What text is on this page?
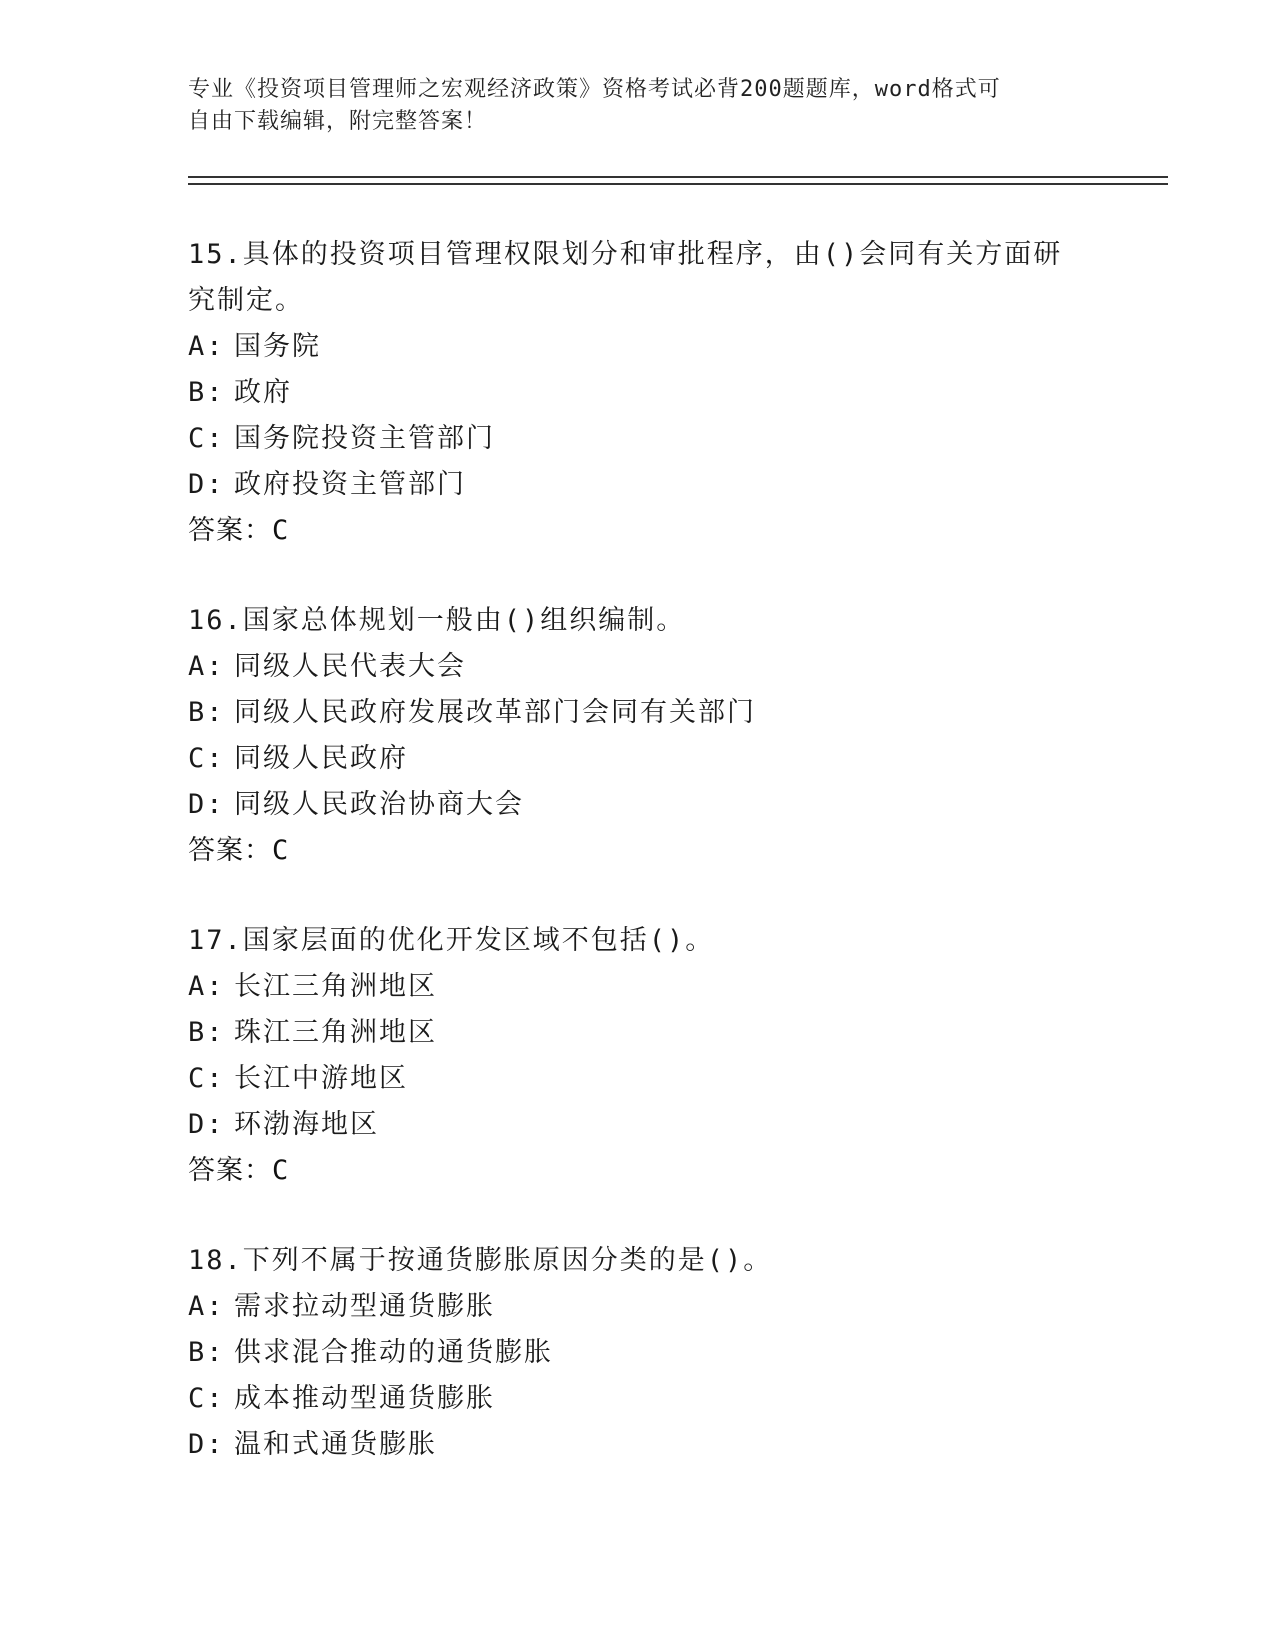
专业《投资项目管理师之宏观经济政策》资格考试必背200题题库，word格式可
自由下载编辑，附完整答案！
15.具体的投资项目管理权限划分和审批程序，由()会同有关方面研究制定。
A: 国务院
B: 政府
C: 国务院投资主管部门
D: 政府投资主管部门
答案：C
16.国家总体规划一般由()组织编制。
A: 同级人民代表大会
B: 同级人民政府发展改革部门会同有关部门
C: 同级人民政府
D: 同级人民政治协商大会
答案：C
17.国家层面的优化开发区域不包括()。
A: 长江三角洲地区
B: 珠江三角洲地区
C: 长江中游地区
D: 环渤海地区
答案：C
18.下列不属于按通货膨胀原因分类的是()。
A: 需求拉动型通货膨胀
B: 供求混合推动的通货膨胀
C: 成本推动型通货膨胀
D: 温和式通货膨胀
